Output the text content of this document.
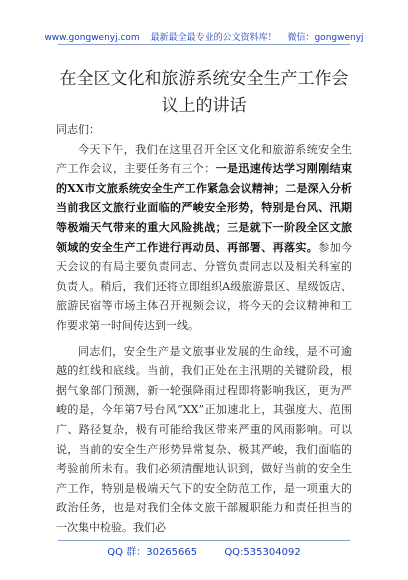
www.gongwenyj.com 最新最全最专业的公文资料库！ 微信：gongwenyj
在全区文化和旅游系统安全生产工作会议上的讲话

同志们：

今天下午，我们在这里召开全区文化和旅游系统安全生产工作会议，主要任务有三个：一是迅速传达学习刚刚结束的XX市文旅系统安全生产工作紧急会议精神；二是深入分析当前我区文旅行业面临的严峻安全形势，特别是台风、汛期等极端天气带来的重大风险挑战；三是就下一阶段全区文旅领域的安全生产工作进行再动员、再部署、再落实。参加今天会议的有局主要负责同志、分管负责同志以及相关科室的负责人。稍后，我们还将立即组织A级旅游景区、星级饭店、旅游民宿等市场主体召开视频会议，将今天的会议精神和工作要求第一时间传达到一线。

同志们，安全生产是文旅事业发展的生命线，是不可逾越的红线和底线。当前，我们正处在主汛期的关键阶段，根据气象部门预测，新一轮强降雨过程即将影响我区，更为严峻的是，今年第7号台风“XX”正加速北上，其强度大、范围广、路径复杂，极有可能给我区带来严重的风雨影响。可以说，当前的安全生产形势异常复杂、极其严峻，我们面临的考验前所未有。我们必须清醒地认识到，做好当前的安全生产工作，特别是极端天气下的安全防范工作，是一项重大的政治任务，也是对我们全体文旅干部履职能力和责任担当的一次集中检验。我们必

QQ 群：30265665	QQ:535304092
